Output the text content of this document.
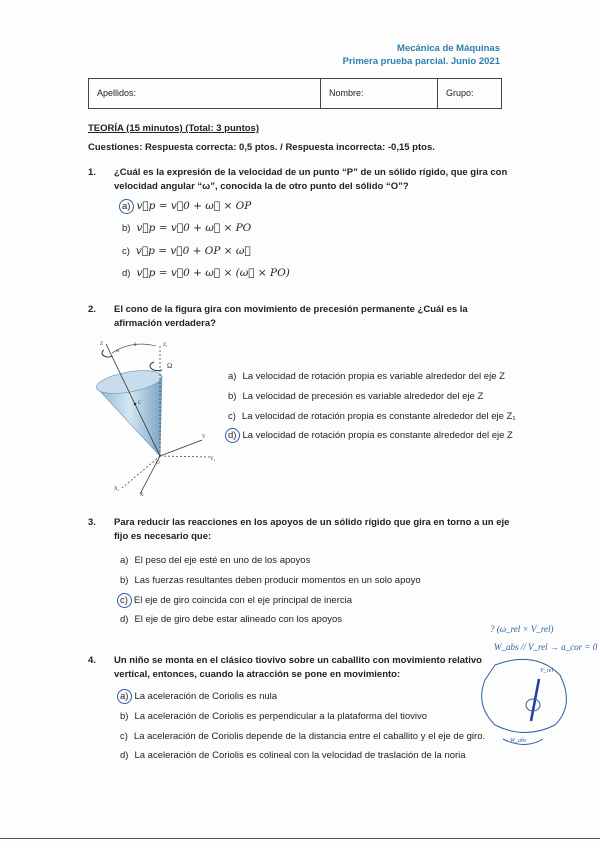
Mecánica de Máquinas
Primera prueba parcial. Junio 2021
Apellidos:	Nombre:	Grupo:
TEORÍA (15 minutos) (Total: 3 puntos)
Cuestiones: Respuesta correcta: 0,5 ptos. / Respuesta incorrecta: -0,15 ptos.
1. ¿Cuál es la expresión de la velocidad de un punto “P” de un sólido rígido, que gira con
velocidad angular “ω”, conocida la de otro punto del sólido “O”?
a) v⃗p = v⃗0 + ω⃗ × OP
b) v⃗p = v⃗0 + ω⃗ × PO
c) v⃗p = v⃗0 + OP × ω⃗
d) v⃗p = v⃗0 + ω⃗ × (ω⃗ × PO)
2. El cono de la figura gira con movimiento de precesión permanente ¿Cuál es la
afirmación verdadera?
Z	Z₁
ω
θ
Ω
C
O
Y
Y₁
X
X₁
a) La velocidad de rotación propia es variable alrededor del eje Z
b) La velocidad de precesión es variable alrededor del eje Z
c) La velocidad de rotación propia es constante alrededor del eje Z₁
d) La velocidad de rotación propia es constante alrededor del eje Z
3. Para reducir las reacciones en los apoyos de un sólido rígido que gira en torno a un eje
fijo es necesario que:
a) El peso del eje esté en uno de los apoyos
b) Las fuerzas resultantes deben producir momentos en un solo apoyo
c) El eje de giro coincida con el eje principal de inercia
d) El eje de giro debe estar alineado con los apoyos
4. Un niño se monta en el clásico tiovivo sobre un caballito con movimiento relativo
vertical, entonces, cuando la atracción se pone en movimiento:
a) La aceleración de Coriolis es nula
b) La aceleración de Coriolis es perpendicular a la plataforma del tiovivo
c) La aceleración de Coriolis depende de la distancia entre el caballito y el eje de giro.
d) La aceleración de Coriolis es colineal con la velocidad de traslación de la noria
? (ω_rel × V_rel)
W_abs // V_rel → a_cor = 0
V_rel
W_abs
